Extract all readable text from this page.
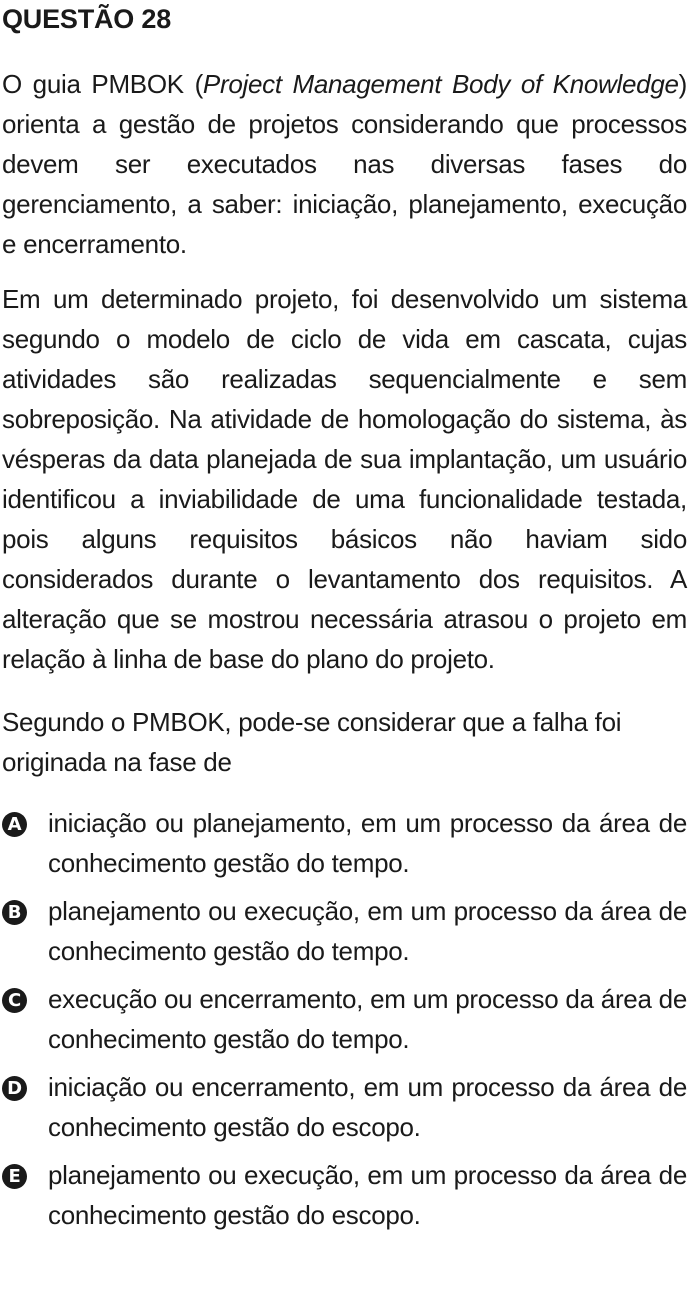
QUESTÃO 28

O guia PMBOK (Project Management Body of Knowledge) orienta a gestão de projetos considerando que processos devem ser executados nas diversas fases do gerenciamento, a saber: iniciação, planejamento, execução e encerramento.

Em um determinado projeto, foi desenvolvido um sistema segundo o modelo de ciclo de vida em cascata, cujas atividades são realizadas sequencialmente e sem sobreposição. Na atividade de homologação do sistema, às vésperas da data planejada de sua implantação, um usuário identificou a inviabilidade de uma funcionalidade testada, pois alguns requisitos básicos não haviam sido considerados durante o levantamento dos requisitos. A alteração que se mostrou necessária atrasou o projeto em relação à linha de base do plano do projeto.

Segundo o PMBOK, pode-se considerar que a falha foi originada na fase de

A iniciação ou planejamento, em um processo da área de conhecimento gestão do tempo.
B planejamento ou execução, em um processo da área de conhecimento gestão do tempo.
C execução ou encerramento, em um processo da área de conhecimento gestão do tempo.
D iniciação ou encerramento, em um processo da área de conhecimento gestão do escopo.
E planejamento ou execução, em um processo da área de conhecimento gestão do escopo.
